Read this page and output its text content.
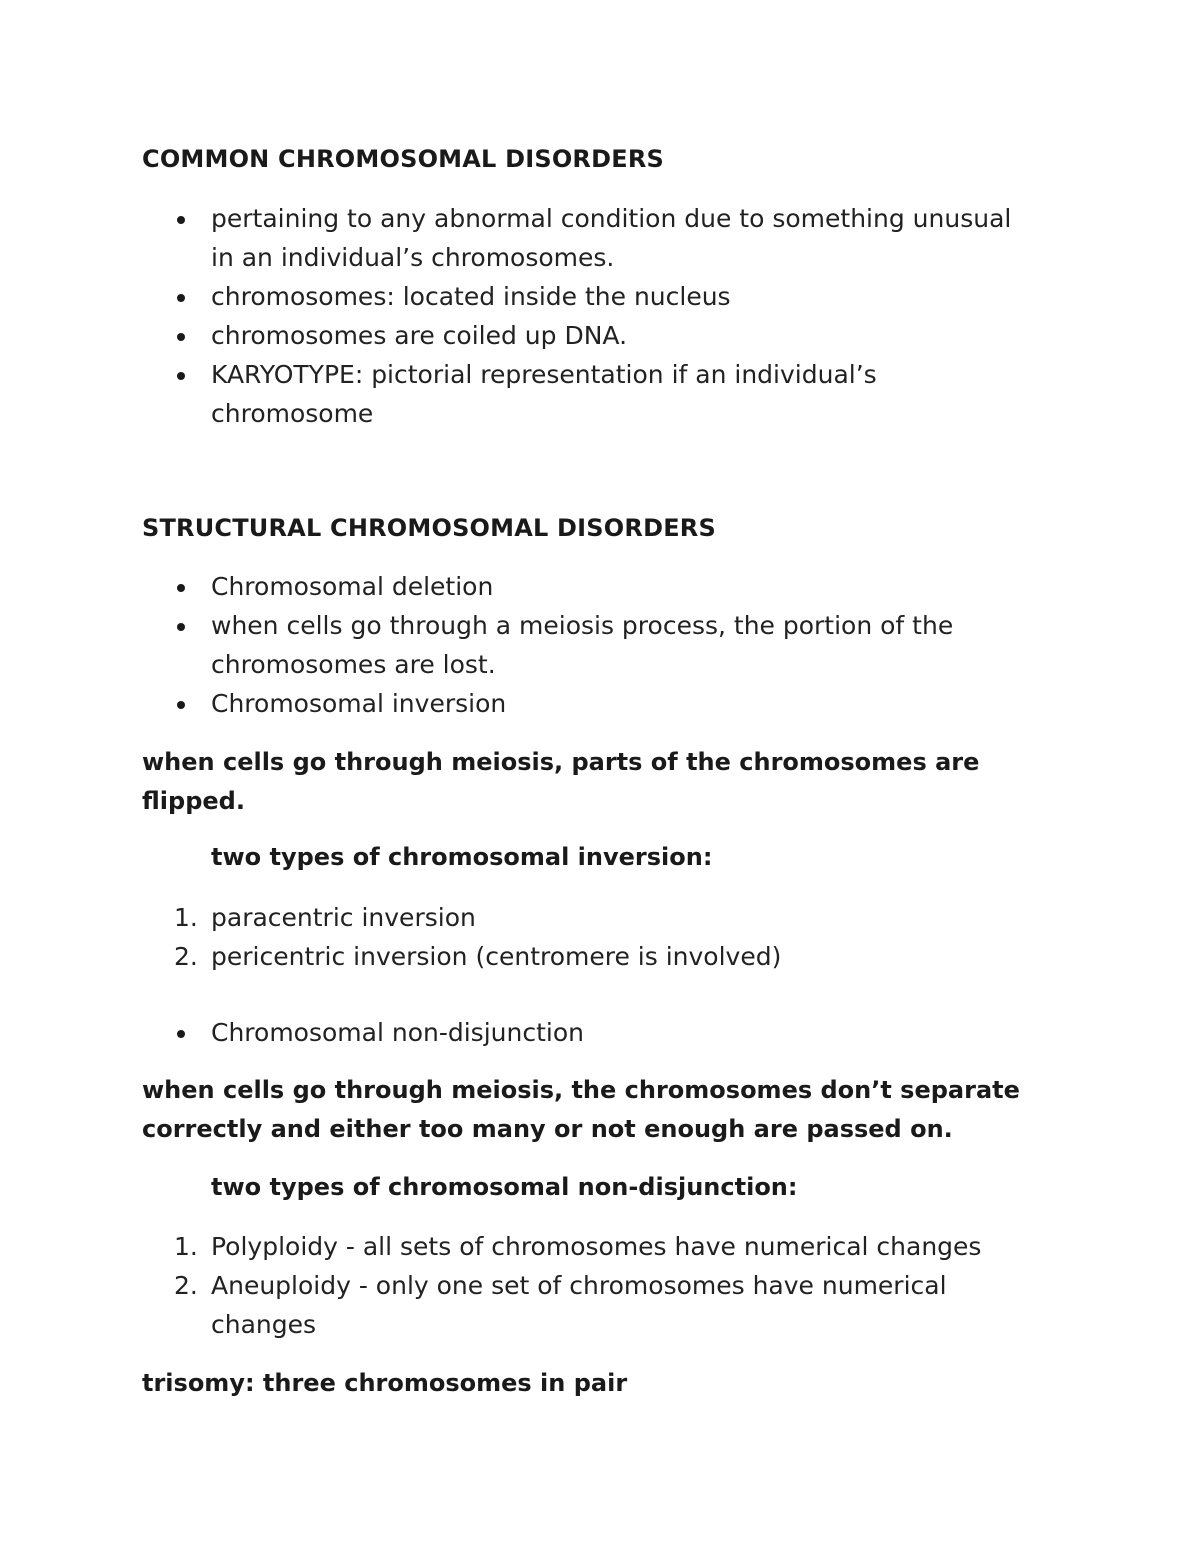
COMMON CHROMOSOMAL DISORDERS
pertaining to any abnormal condition due to something unusual in an individual’s chromosomes.
chromosomes: located inside the nucleus
chromosomes are coiled up DNA.
KARYOTYPE: pictorial representation if an individual’s chromosome
STRUCTURAL CHROMOSOMAL DISORDERS
Chromosomal deletion
when cells go through a meiosis process, the portion of the chromosomes are lost.
Chromosomal inversion

when cells go through meiosis, parts of the chromosomes are flipped.

two types of chromosomal inversion:

1. paracentric inversion
2. pericentric inversion (centromere is involved)
Chromosomal non-disjunction

when cells go through meiosis, the chromosomes don’t separate correctly and either too many or not enough are passed on.

two types of chromosomal non-disjunction:

1. Polyploidy - all sets of chromosomes have numerical changes
2. Aneuploidy - only one set of chromosomes have numerical changes

trisomy: three chromosomes in pair
